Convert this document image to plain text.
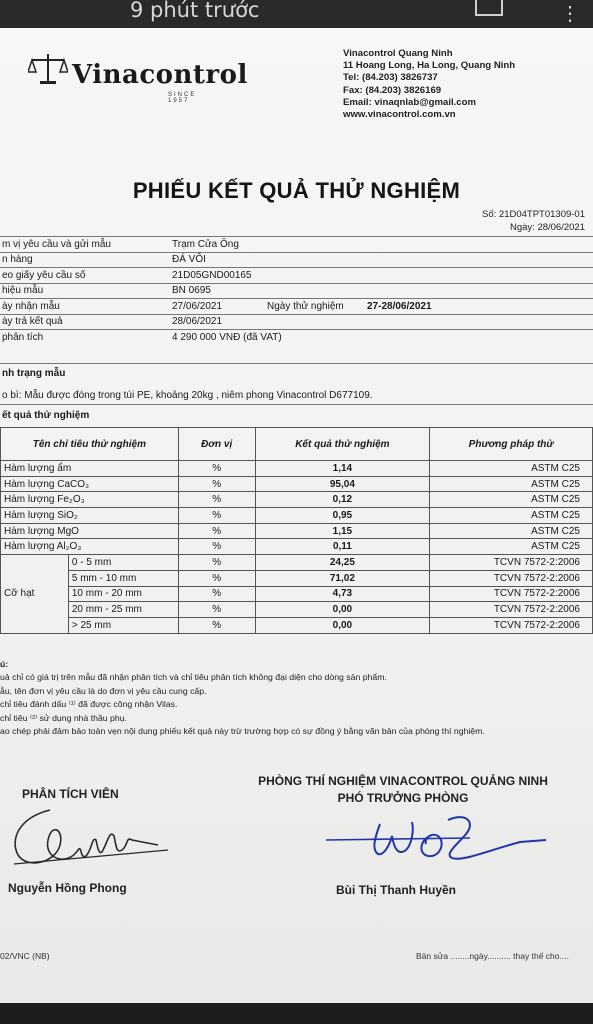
9 phút trước	⋮
Vinacontrol
SINCE 1957
Vinacontrol Quang Ninh
11 Hoang Long, Ha Long, Quang Ninh
Tel: (84.203) 3826737
Fax: (84.203) 3826169
Email: vinaqnlab@gmail.com
www.vinacontrol.com.vn
PHIẾU KẾT QUẢ THỬ NGHIỆM
Số: 21D04TPT01309-01
Ngày: 28/06/2021
m vị yêu cầu và gửi mẫu	Trạm Cửa Ông		
n hàng	ĐÁ VÔI		
eo giấy yêu cầu số	21D05GND00165		
hiệu mẫu	BN 0695		
ày nhận mẫu	27/06/2021	Ngày thử nghiệm	27-28/06/2021
ày trả kết quả	28/06/2021		
phân tích	4 290 000 VNĐ (đã VAT)		
nh trạng mẫu
o bì: Mẫu được đóng trong túi PE, khoảng 20kg , niêm phong Vinacontrol D677109.
ết quả thử nghiệm
Tên chỉ tiêu thử nghiệm		Đơn vị	Kết quả thử nghiệm	Phương pháp thử
Hàm lượng ẩm		%	1,14	ASTM C25
Hàm lượng CaCO₃		%	95,04	ASTM C25
Hàm lượng Fe₂O₃		%	0,12	ASTM C25
Hàm lượng SiO₂		%	0,95	ASTM C25
Hàm lượng MgO		%	1,15	ASTM C25
Hàm lượng Al₂O₃		%	0,11	ASTM C25
Cỡ hạt	0 - 5 mm	%	24,25	TCVN 7572-2:2006
	5 mm - 10 mm	%	71,02	TCVN 7572-2:2006
	10 mm - 20 mm	%	4,73	TCVN 7572-2:2006
	20 mm - 25 mm	%	0,00	TCVN 7572-2:2006
	> 25 mm	%	0,00	TCVN 7572-2:2006
ú:
uả chỉ có giá trị trên mẫu đã nhận phân tích và chỉ tiêu phân tích không đại diện cho dòng sản phẩm.
ẫu, tên đơn vị yêu cầu là do đơn vị yêu cầu cung cấp.
chỉ tiêu đánh dấu ⁽¹⁾ đã được công nhận Vilas.
chỉ tiêu ⁽²⁾ sử dụng nhà thầu phụ.
ao chép phải đảm bảo toàn vẹn nội dung phiếu kết quả này trừ trường hợp có sự đồng ý bằng văn bản của phòng thí nghiệm.
PHÂN TÍCH VIÊN
PHÒNG THÍ NGHIỆM VINACONTROL QUẢNG NINH
PHÓ TRƯỞNG PHÒNG
Nguyễn Hồng Phong	Bùi Thị Thanh Huyền
02/VNC (NB)	Bản sửa ........ngày.......... thay thế cho....
